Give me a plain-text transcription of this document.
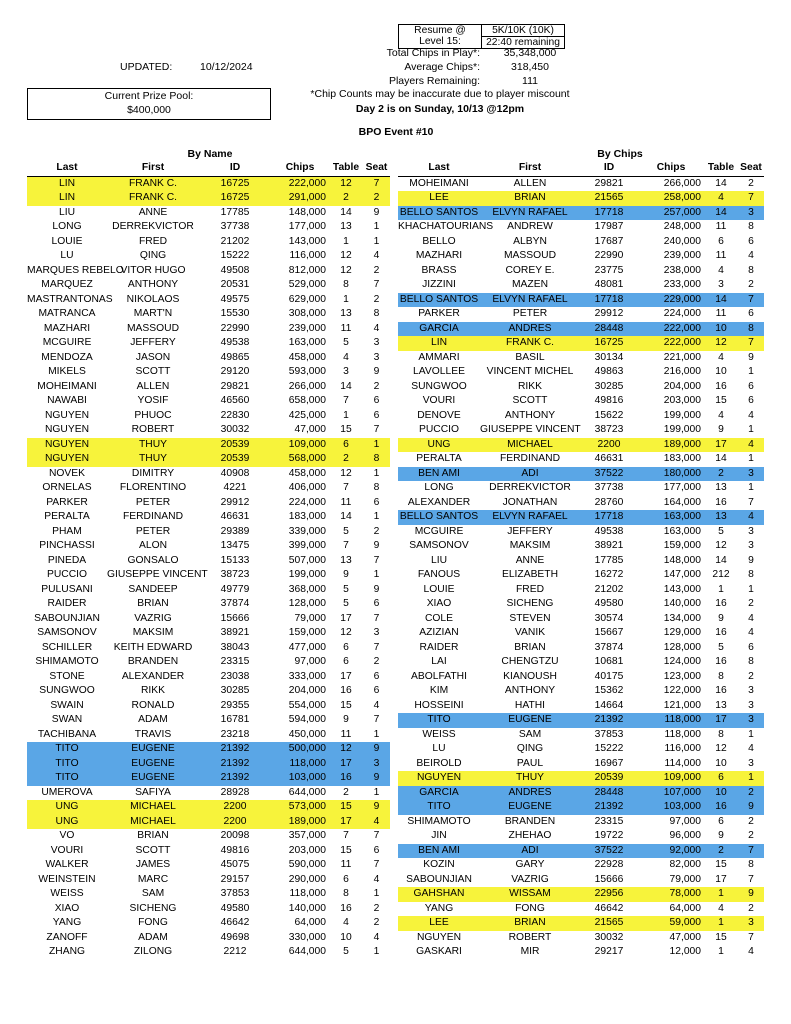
Resume @
Level 15:
5K/10K (10K)
22:40 remaining
Total Chips in Play*:	35,348,000
Average Chips*:	318,450
Players Remaining:	111
UPDATED:	10/12/2024
Current Prize Pool:
$400,000
*Chip Counts may be inaccurate due to player miscount
Day 2 is on Sunday, 10/13 @12pm
BPO Event #10
By Name	By Chips
Last	First	ID	Chips	Table	Seat
LIN	FRANK C.	16725	222,000	12	7
LIN	FRANK C.	16725	291,000	2	2
LIU	ANNE	17785	148,000	14	9
LONG	DERREKVICTOR	37738	177,000	13	1
LOUIE	FRED	21202	143,000	1	1
LU	QING	15222	116,000	12	4
MARQUES REBELO	VITOR HUGO	49508	812,000	12	2
MARQUEZ	ANTHONY	20531	529,000	8	7
MASTRANTONAS	NIKOLAOS	49575	629,000	1	2
MATRANCA	MART'N	15530	308,000	13	8
MAZHARI	MASSOUD	22990	239,000	11	4
MCGUIRE	JEFFERY	49538	163,000	5	3
MENDOZA	JASON	49865	458,000	4	3
MIKELS	SCOTT	29120	593,000	3	9
MOHEIMANI	ALLEN	29821	266,000	14	2
NAWABI	YOSIF	46560	658,000	7	6
NGUYEN	PHUOC	22830	425,000	1	6
NGUYEN	ROBERT	30032	47,000	15	7
NGUYEN	THUY	20539	109,000	6	1
NGUYEN	THUY	20539	568,000	2	8
NOVEK	DIMITRY	40908	458,000	12	1
ORNELAS	FLORENTINO	4221	406,000	7	8
PARKER	PETER	29912	224,000	11	6
PERALTA	FERDINAND	46631	183,000	14	1
PHAM	PETER	29389	339,000	5	2
PINCHASSI	ALON	13475	399,000	7	9
PINEDA	GONSALO	15133	507,000	13	7
PUCCIO	GIUSEPPE VINCENT	38723	199,000	9	1
PULUSANI	SANDEEP	49779	368,000	5	9
RAIDER	BRIAN	37874	128,000	5	6
SABOUNJIAN	VAZRIG	15666	79,000	17	7
SAMSONOV	MAKSIM	38921	159,000	12	3
SCHILLER	KEITH EDWARD	38043	477,000	6	7
SHIMAMOTO	BRANDEN	23315	97,000	6	2
STONE	ALEXANDER	23038	333,000	17	6
SUNGWOO	RIKK	30285	204,000	16	6
SWAIN	RONALD	29355	554,000	15	4
SWAN	ADAM	16781	594,000	9	7
TACHIBANA	TRAVIS	23218	450,000	11	1
TITO	EUGENE	21392	500,000	12	9
TITO	EUGENE	21392	118,000	17	3
TITO	EUGENE	21392	103,000	16	9
UMEROVA	SAFIYA	28928	644,000	2	1
UNG	MICHAEL	2200	573,000	15	9
UNG	MICHAEL	2200	189,000	17	4
VO	BRIAN	20098	357,000	7	7
VOURI	SCOTT	49816	203,000	15	6
WALKER	JAMES	45075	590,000	11	7
WEINSTEIN	MARC	29157	290,000	6	4
WEISS	SAM	37853	118,000	8	1
XIAO	SICHENG	49580	140,000	16	2
YANG	FONG	46642	64,000	4	2
ZANOFF	ADAM	49698	330,000	10	4
ZHANG	ZILONG	2212	644,000	5	1
Last	First	ID	Chips	Table	Seat
MOHEIMANI	ALLEN	29821	266,000	14	2
LEE	BRIAN	21565	258,000	4	7
BELLO SANTOS	ELVYN RAFAEL	17718	257,000	14	3
KHACHATOURIANS	ANDREW	17987	248,000	11	8
BELLO	ALBYN	17687	240,000	6	6
MAZHARI	MASSOUD	22990	239,000	11	4
BRASS	COREY E.	23775	238,000	4	8
JIZZINI	MAZEN	48081	233,000	3	2
BELLO SANTOS	ELVYN RAFAEL	17718	229,000	14	7
PARKER	PETER	29912	224,000	11	6
GARCIA	ANDRES	28448	222,000	10	8
LIN	FRANK C.	16725	222,000	12	7
AMMARI	BASIL	30134	221,000	4	9
LAVOLLEE	VINCENT MICHEL	49863	216,000	10	1
SUNGWOO	RIKK	30285	204,000	16	6
VOURI	SCOTT	49816	203,000	15	6
DENOVE	ANTHONY	15622	199,000	4	4
PUCCIO	GIUSEPPE VINCENT	38723	199,000	9	1
UNG	MICHAEL	2200	189,000	17	4
PERALTA	FERDINAND	46631	183,000	14	1
BEN AMI	ADI	37522	180,000	2	3
LONG	DERREKVICTOR	37738	177,000	13	1
ALEXANDER	JONATHAN	28760	164,000	16	7
BELLO SANTOS	ELVYN RAFAEL	17718	163,000	13	4
MCGUIRE	JEFFERY	49538	163,000	5	3
SAMSONOV	MAKSIM	38921	159,000	12	3
LIU	ANNE	17785	148,000	14	9
FANOUS	ELIZABETH	16272	147,000	212	8
LOUIE	FRED	21202	143,000	1	1
XIAO	SICHENG	49580	140,000	16	2
COLE	STEVEN	30574	134,000	9	4
AZIZIAN	VANIK	15667	129,000	16	4
RAIDER	BRIAN	37874	128,000	5	6
LAI	CHENGTZU	10681	124,000	16	8
ABOLFATHI	KIANOUSH	40175	123,000	8	2
KIM	ANTHONY	15362	122,000	16	3
HOSSEINI	HATHI	14664	121,000	13	3
TITO	EUGENE	21392	118,000	17	3
WEISS	SAM	37853	118,000	8	1
LU	QING	15222	116,000	12	4
BEIROLD	PAUL	16967	114,000	10	3
NGUYEN	THUY	20539	109,000	6	1
GARCIA	ANDRES	28448	107,000	10	2
TITO	EUGENE	21392	103,000	16	9
SHIMAMOTO	BRANDEN	23315	97,000	6	2
JIN	ZHEHAO	19722	96,000	9	2
BEN AMI	ADI	37522	92,000	2	7
KOZIN	GARY	22928	82,000	15	8
SABOUNJIAN	VAZRIG	15666	79,000	17	7
GAHSHAN	WISSAM	22956	78,000	1	9
YANG	FONG	46642	64,000	4	2
LEE	BRIAN	21565	59,000	1	3
NGUYEN	ROBERT	30032	47,000	15	7
GASKARI	MIR	29217	12,000	1	4
